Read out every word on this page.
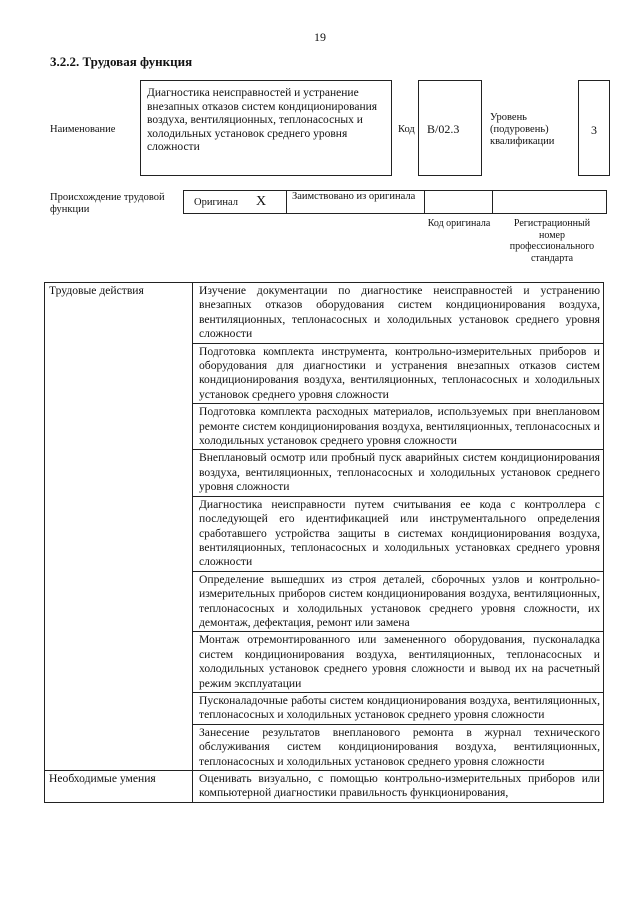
19
3.2.2. Трудовая функция
Наименование
Диагностика неисправностей и устранение внезапных отказов систем кондиционирования воздуха, вентиляционных, теплонасосных и холодильных установок среднего уровня сложности
Код B/02.3
Уровень (подуровень) квалификации
3
Происхождение трудовой функции
Оригинал X Заимствовано из оригинала
Код оригинала	Регистрационный номер профессионального стандарта
Трудовые действия	Изучение документации по диагностике неисправностей и устранению внезапных отказов оборудования систем кондиционирования воздуха, вентиляционных, теплонасосных и холодильных установок среднего уровня сложности
	Подготовка комплекта инструмента, контрольно-измерительных приборов и оборудования для диагностики и устранения внезапных отказов систем кондиционирования воздуха, вентиляционных, теплонасосных и холодильных установок среднего уровня сложности
	Подготовка комплекта расходных материалов, используемых при внеплановом ремонте систем кондиционирования воздуха, вентиляционных, теплонасосных и холодильных установок среднего уровня сложности
	Внеплановый осмотр или пробный пуск аварийных систем кондиционирования воздуха, вентиляционных, теплонасосных и холодильных установок среднего уровня сложности
	Диагностика неисправности путем считывания ее кода с контроллера с последующей его идентификацией или инструментального определения сработавшего устройства защиты в системах кондиционирования воздуха, вентиляционных, теплонасосных и холодильных установках среднего уровня сложности
	Определение вышедших из строя деталей, сборочных узлов и контрольно-измерительных приборов систем кондиционирования воздуха, вентиляционных, теплонасосных и холодильных установок среднего уровня сложности, их демонтаж, дефектация, ремонт или замена
	Монтаж отремонтированного или замененного оборудования, пусконаладка систем кондиционирования воздуха, вентиляционных, теплонасосных и холодильных установок среднего уровня сложности и вывод их на расчетный режим эксплуатации
	Пусконаладочные работы систем кондиционирования воздуха, вентиляционных, теплонасосных и холодильных установок среднего уровня сложности
	Занесение результатов внепланового ремонта в журнал технического обслуживания систем кондиционирования воздуха, вентиляционных, теплонасосных и холодильных установок среднего уровня сложности
Необходимые умения	Оценивать визуально, с помощью контрольно-измерительных приборов или компьютерной диагностики правильность функционирования,
